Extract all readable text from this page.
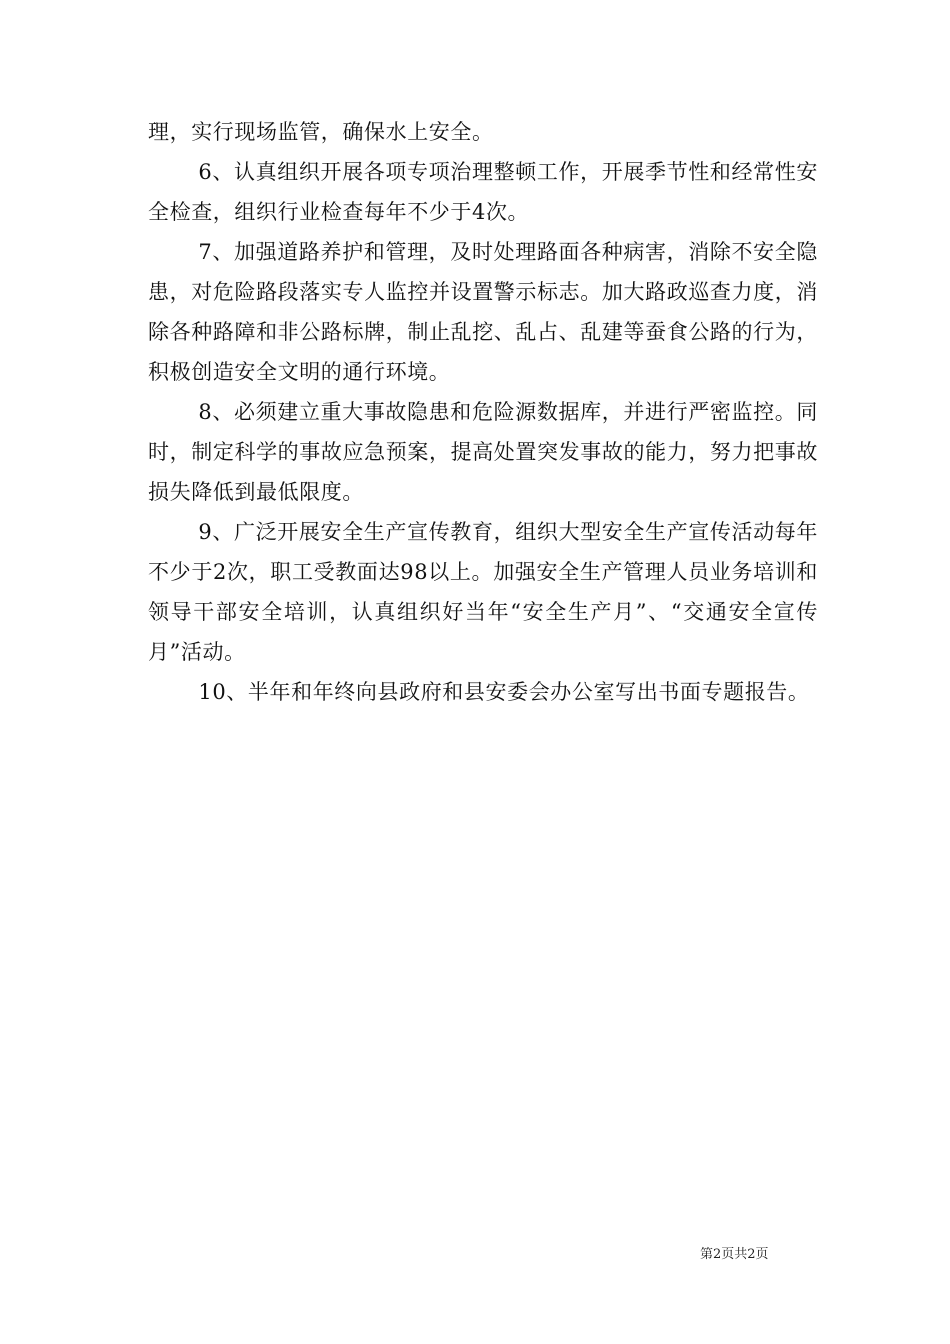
理，实行现场监管，确保水上安全。

6、认真组织开展各项专项治理整顿工作，开展季节性和经常性安全检查，组织行业检查每年不少于4次。

7、加强道路养护和管理，及时处理路面各种病害，消除不安全隐患，对危险路段落实专人监控并设置警示标志。加大路政巡查力度，消除各种路障和非公路标牌，制止乱挖、乱占、乱建等蚕食公路的行为，积极创造安全文明的通行环境。

8、必须建立重大事故隐患和危险源数据库，并进行严密监控。同时，制定科学的事故应急预案，提高处置突发事故的能力，努力把事故损失降低到最低限度。

9、广泛开展安全生产宣传教育，组织大型安全生产宣传活动每年不少于2次，职工受教面达98以上。加强安全生产管理人员业务培训和领导干部安全培训，认真组织好当年“安全生产月”、“交通安全宣传月”活动。

10、半年和年终向县政府和县安委会办公室写出书面专题报告。

第2页共2页
